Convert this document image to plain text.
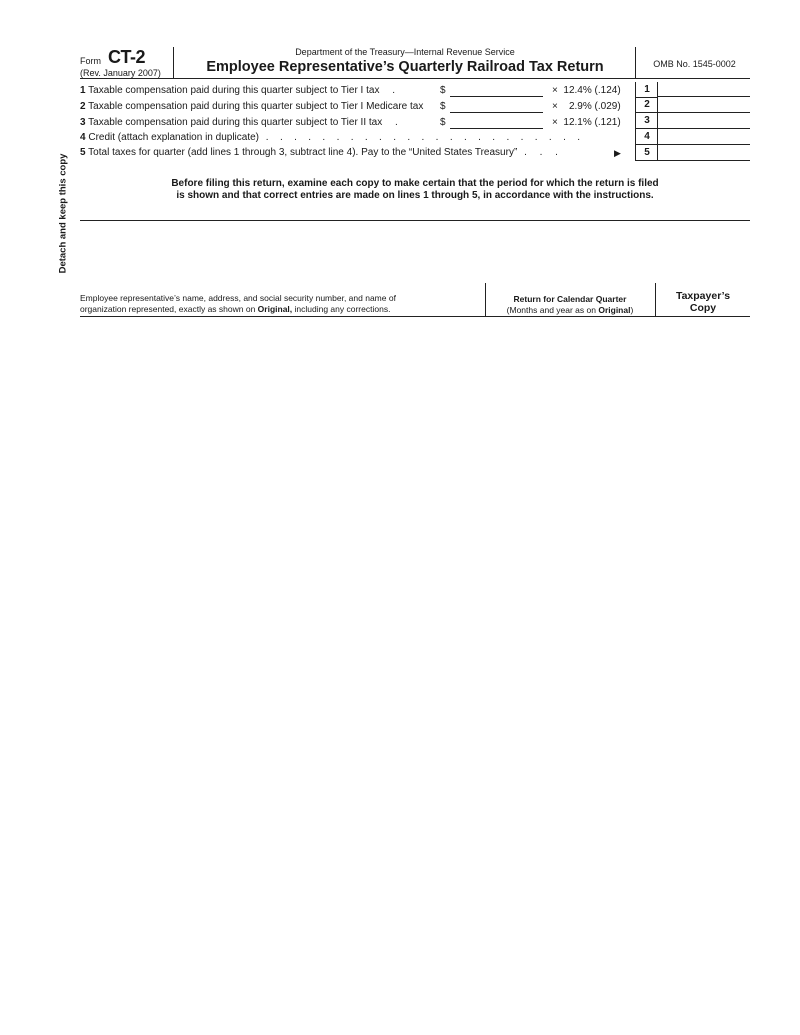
Detach and keep this copy
Form CT-2
(Rev. January 2007)
Department of the Treasury—Internal Revenue Service
Employee Representative’s Quarterly Railroad Tax Return	OMB No. 1545-0002
1 Taxable compensation paid during this quarter subject to Tier I tax .	$	× 12.4% (.124)
2 Taxable compensation paid during this quarter subject to Tier I Medicare tax $	× 2.9% (.029)
3 Taxable compensation paid during this quarter subject to Tier II tax .	$	× 12.1% (.121)
4 Credit (attach explanation in duplicate) . . . . . . . . . . . . . . . . . . . . . . .
5 Total taxes for quarter (add lines 1 through 3, subtract line 4). Pay to the “United States Treasury” . . .	▶
1
2
3
4
5
Before filing this return, examine each copy to make certain that the period for which the return is filed
is shown and that correct entries are made on lines 1 through 5, in accordance with the instructions.
Employee representative’s name, address, and social security number, and name of
organization represented, exactly as shown on Original, including any corrections.
Return for Calendar Quarter
(Months and year as on Original)
Taxpayer’s
Copy
